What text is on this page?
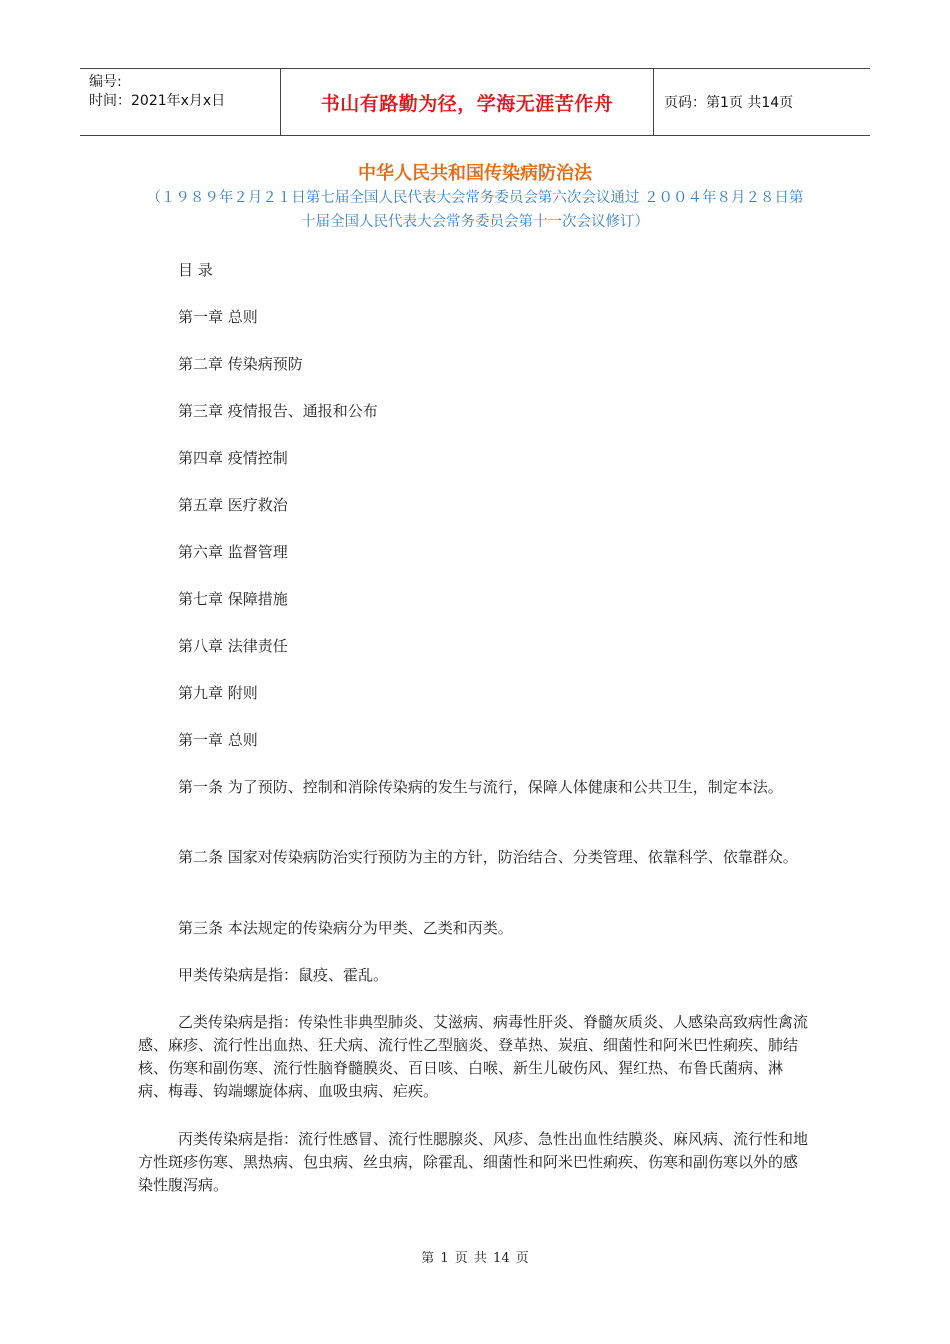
编号:
时间：2021年x月x日	书山有路勤为径，学海无涯苦作舟	页码：第1页 共14页
中华人民共和国传染病防治法
（１９８９年２月２１日第七届全国人民代表大会常务委员会第六次会议通过 ２００４年８月２８日第十届全国人民代表大会常务委员会第十一次会议修订）
目 录
第一章 总则
第二章 传染病预防
第三章 疫情报告、通报和公布
第四章 疫情控制
第五章 医疗救治
第六章 监督管理
第七章 保障措施
第八章 法律责任
第九章 附则
第一章 总则
第一条 为了预防、控制和消除传染病的发生与流行，保障人体健康和公共卫生，制定本法。
第二条 国家对传染病防治实行预防为主的方针，防治结合、分类管理、依靠科学、依靠群众。
第三条 本法规定的传染病分为甲类、乙类和丙类。
甲类传染病是指：鼠疫、霍乱。
乙类传染病是指：传染性非典型肺炎、艾滋病、病毒性肝炎、脊髓灰质炎、人感染高致病性禽流感、麻疹、流行性出血热、狂犬病、流行性乙型脑炎、登革热、炭疽、细菌性和阿米巴性痢疾、肺结核、伤寒和副伤寒、流行性脑脊髓膜炎、百日咳、白喉、新生儿破伤风、猩红热、布鲁氏菌病、淋病、梅毒、钩端螺旋体病、血吸虫病、疟疾。
丙类传染病是指：流行性感冒、流行性腮腺炎、风疹、急性出血性结膜炎、麻风病、流行性和地方性斑疹伤寒、黑热病、包虫病、丝虫病，除霍乱、细菌性和阿米巴性痢疾、伤寒和副伤寒以外的感染性腹泻病。
第 1 页 共 14 页
